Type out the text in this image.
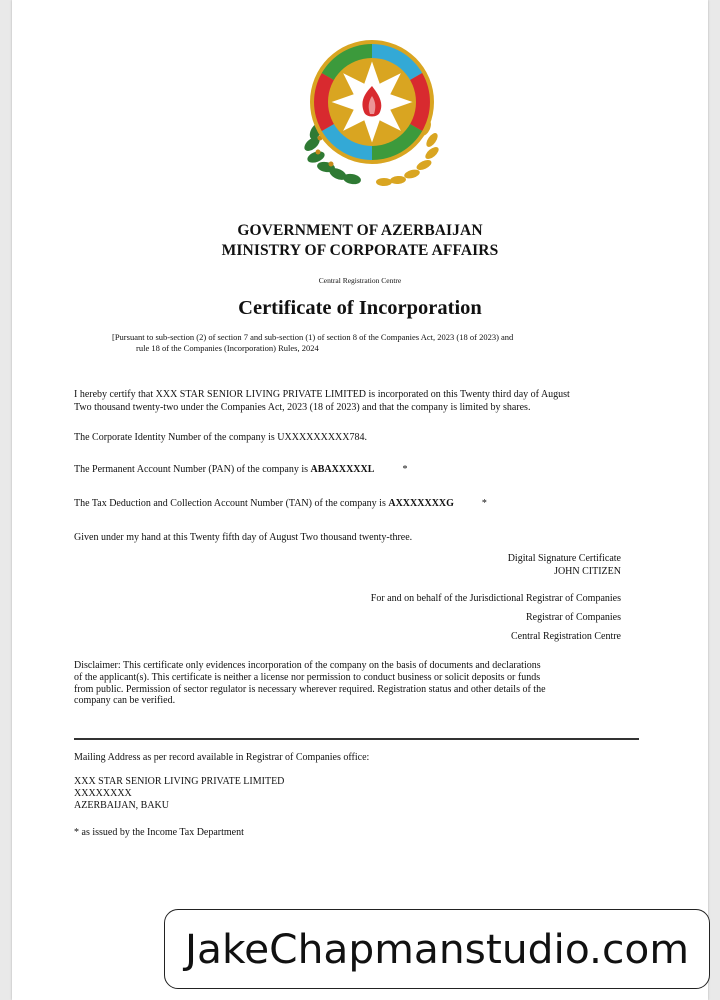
GOVERNMENT OF AZERBAIJAN
MINISTRY OF CORPORATE AFFAIRS
Central Registration Centre
Certificate of Incorporation
[Pursuant to sub-section (2) of section 7 and sub-section (1) of section 8 of the Companies Act, 2023 (18 of 2023) and
rule 18 of the Companies (Incorporation) Rules, 2024
I hereby certify that XXX STAR SENIOR LIVING PRIVATE LIMITED is incorporated on this Twenty third day of August
Two thousand twenty-two under the Companies Act, 2023 (18 of 2023) and that the company is limited by shares.
The Corporate Identity Number of the company is UXXXXXXXXX784.
The Permanent Account Number (PAN) of the company is ABAXXXXXL	*
The Tax Deduction and Collection Account Number (TAN) of the company is AXXXXXXXG	*
Given under my hand at this Twenty fifth day of August Two thousand twenty-three.
Digital Signature Certificate
JOHN CITIZEN
For and on behalf of the Jurisdictional Registrar of Companies
Registrar of Companies
Central Registration Centre
Disclaimer: This certificate only evidences incorporation of the company on the basis of documents and declarations
of the applicant(s). This certificate is neither a license nor permission to conduct business or solicit deposits or funds
from public. Permission of sector regulator is necessary wherever required. Registration status and other details of the
company can be verified.
Mailing Address as per record available in Registrar of Companies office:
XXX STAR SENIOR LIVING PRIVATE LIMITED
XXXXXXXX
AZERBAIJAN, BAKU
* as issued by the Income Tax Department
JakeChapmanstudio.com
